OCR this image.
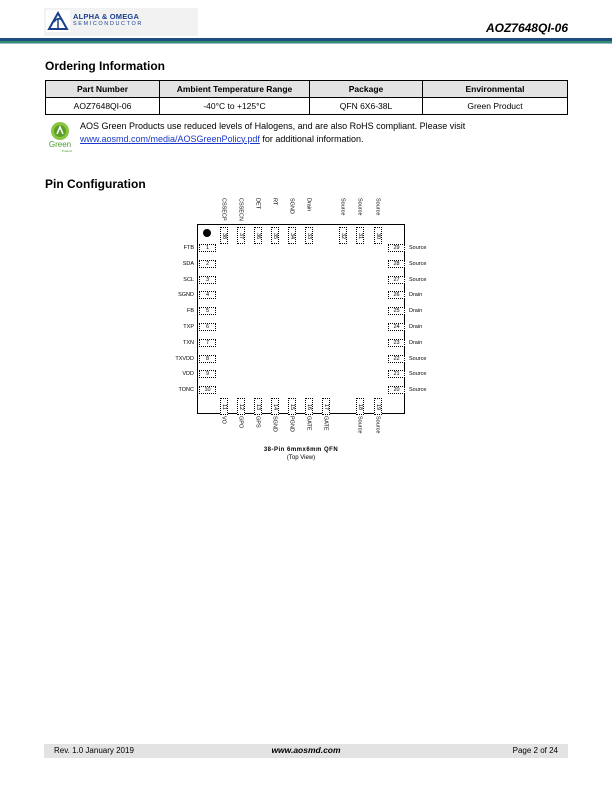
ALPHA & OMEGA
SEMICONDUCTOR	AOZ7648QI-06
Ordering Information
Part Number	Ambient Temperature Range	Package	Environmental
AOZ7648QI-06	-40°C to +125°C	QFN 6X6-38L	Green Product
Green
Product
AOS Green Products use reduced levels of Halogens, and are also RoHS compliant. Please visit
www.aosmd.com/media/AOSGreenPolicy.pdf for additional information.
Pin Configuration
1
FTB
2
SDA
3
SCL
4
SGND
5
FB
6
TXP
7
TXN
8
TXVDD
9
VDD
10
TONC
29	Source
28	Source
27	Source
26	Drain
25	Drain
24	Drain
23	Drain
22	Source
21	Source
20	Source
38
CSSECP
37
CSSECN
36
DET
35
RT
34
SGND
33
Drain
32
Source
31
Source
30
Source
11
VO
12
GPO
13
GPS
14
SGND
15
PGND
16
GATE
17
GATE
18
Source
19
Source
38-Pin 6mmx6mm QFN
(Top View)
Rev. 1.0 January 2019	www.aosmd.com	Page 2 of 24
